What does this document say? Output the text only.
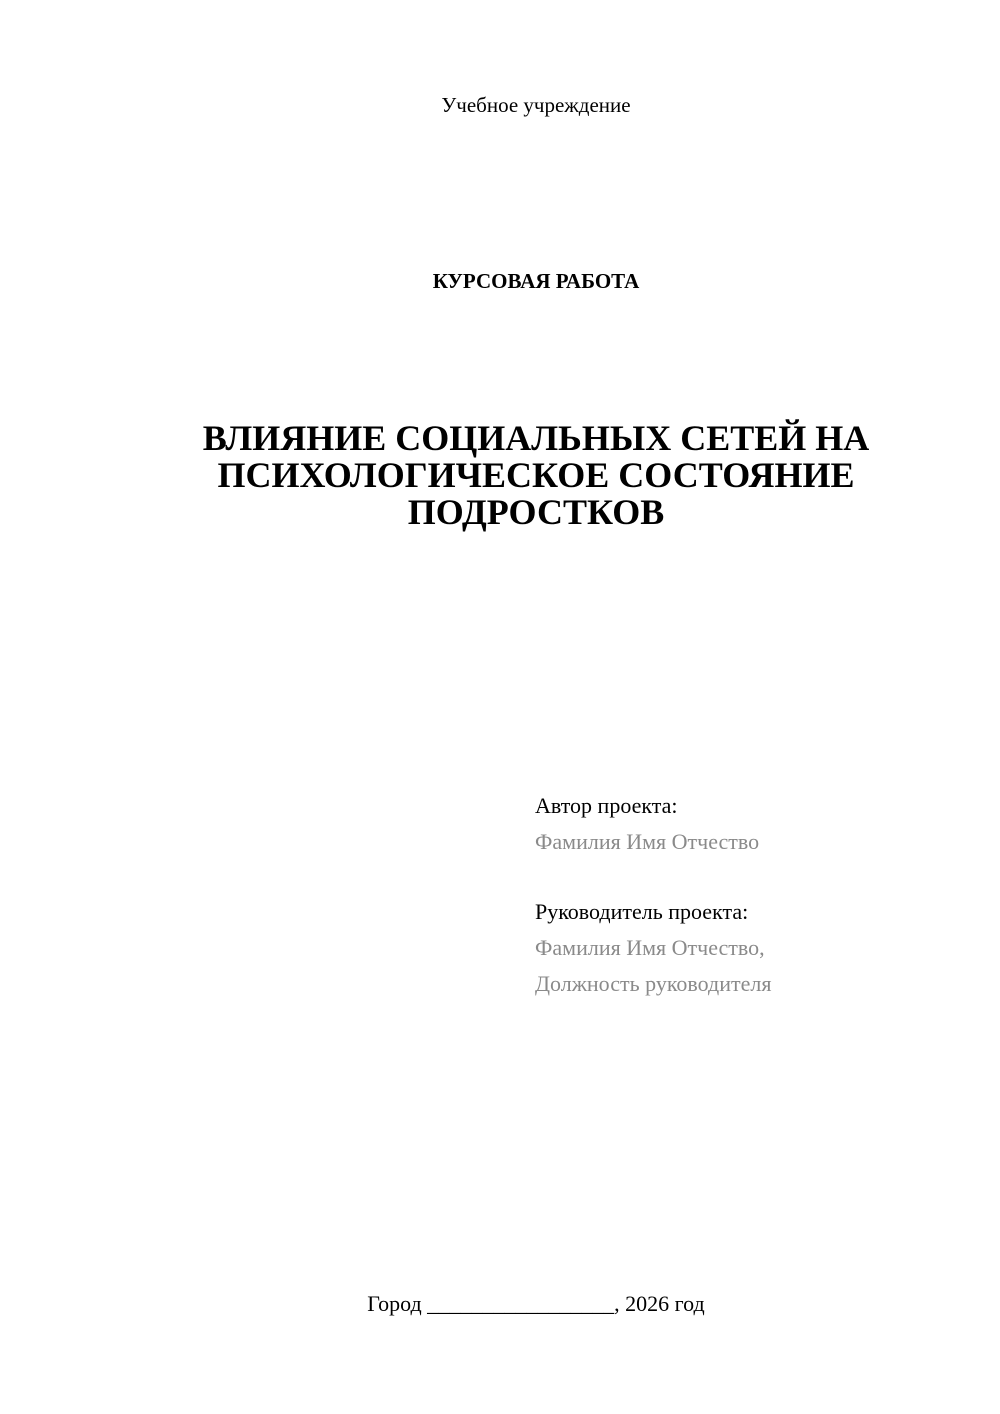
Учебное учреждение
КУРСОВАЯ РАБОТА
ВЛИЯНИЕ СОЦИАЛЬНЫХ СЕТЕЙ НА
ПСИХОЛОГИЧЕСКОЕ СОСТОЯНИЕ
ПОДРОСТКОВ
Автор проекта:
Фамилия Имя Отчество
Руководитель проекта:
Фамилия Имя Отчество,
Должность руководителя
Город _________________, 2026 год
